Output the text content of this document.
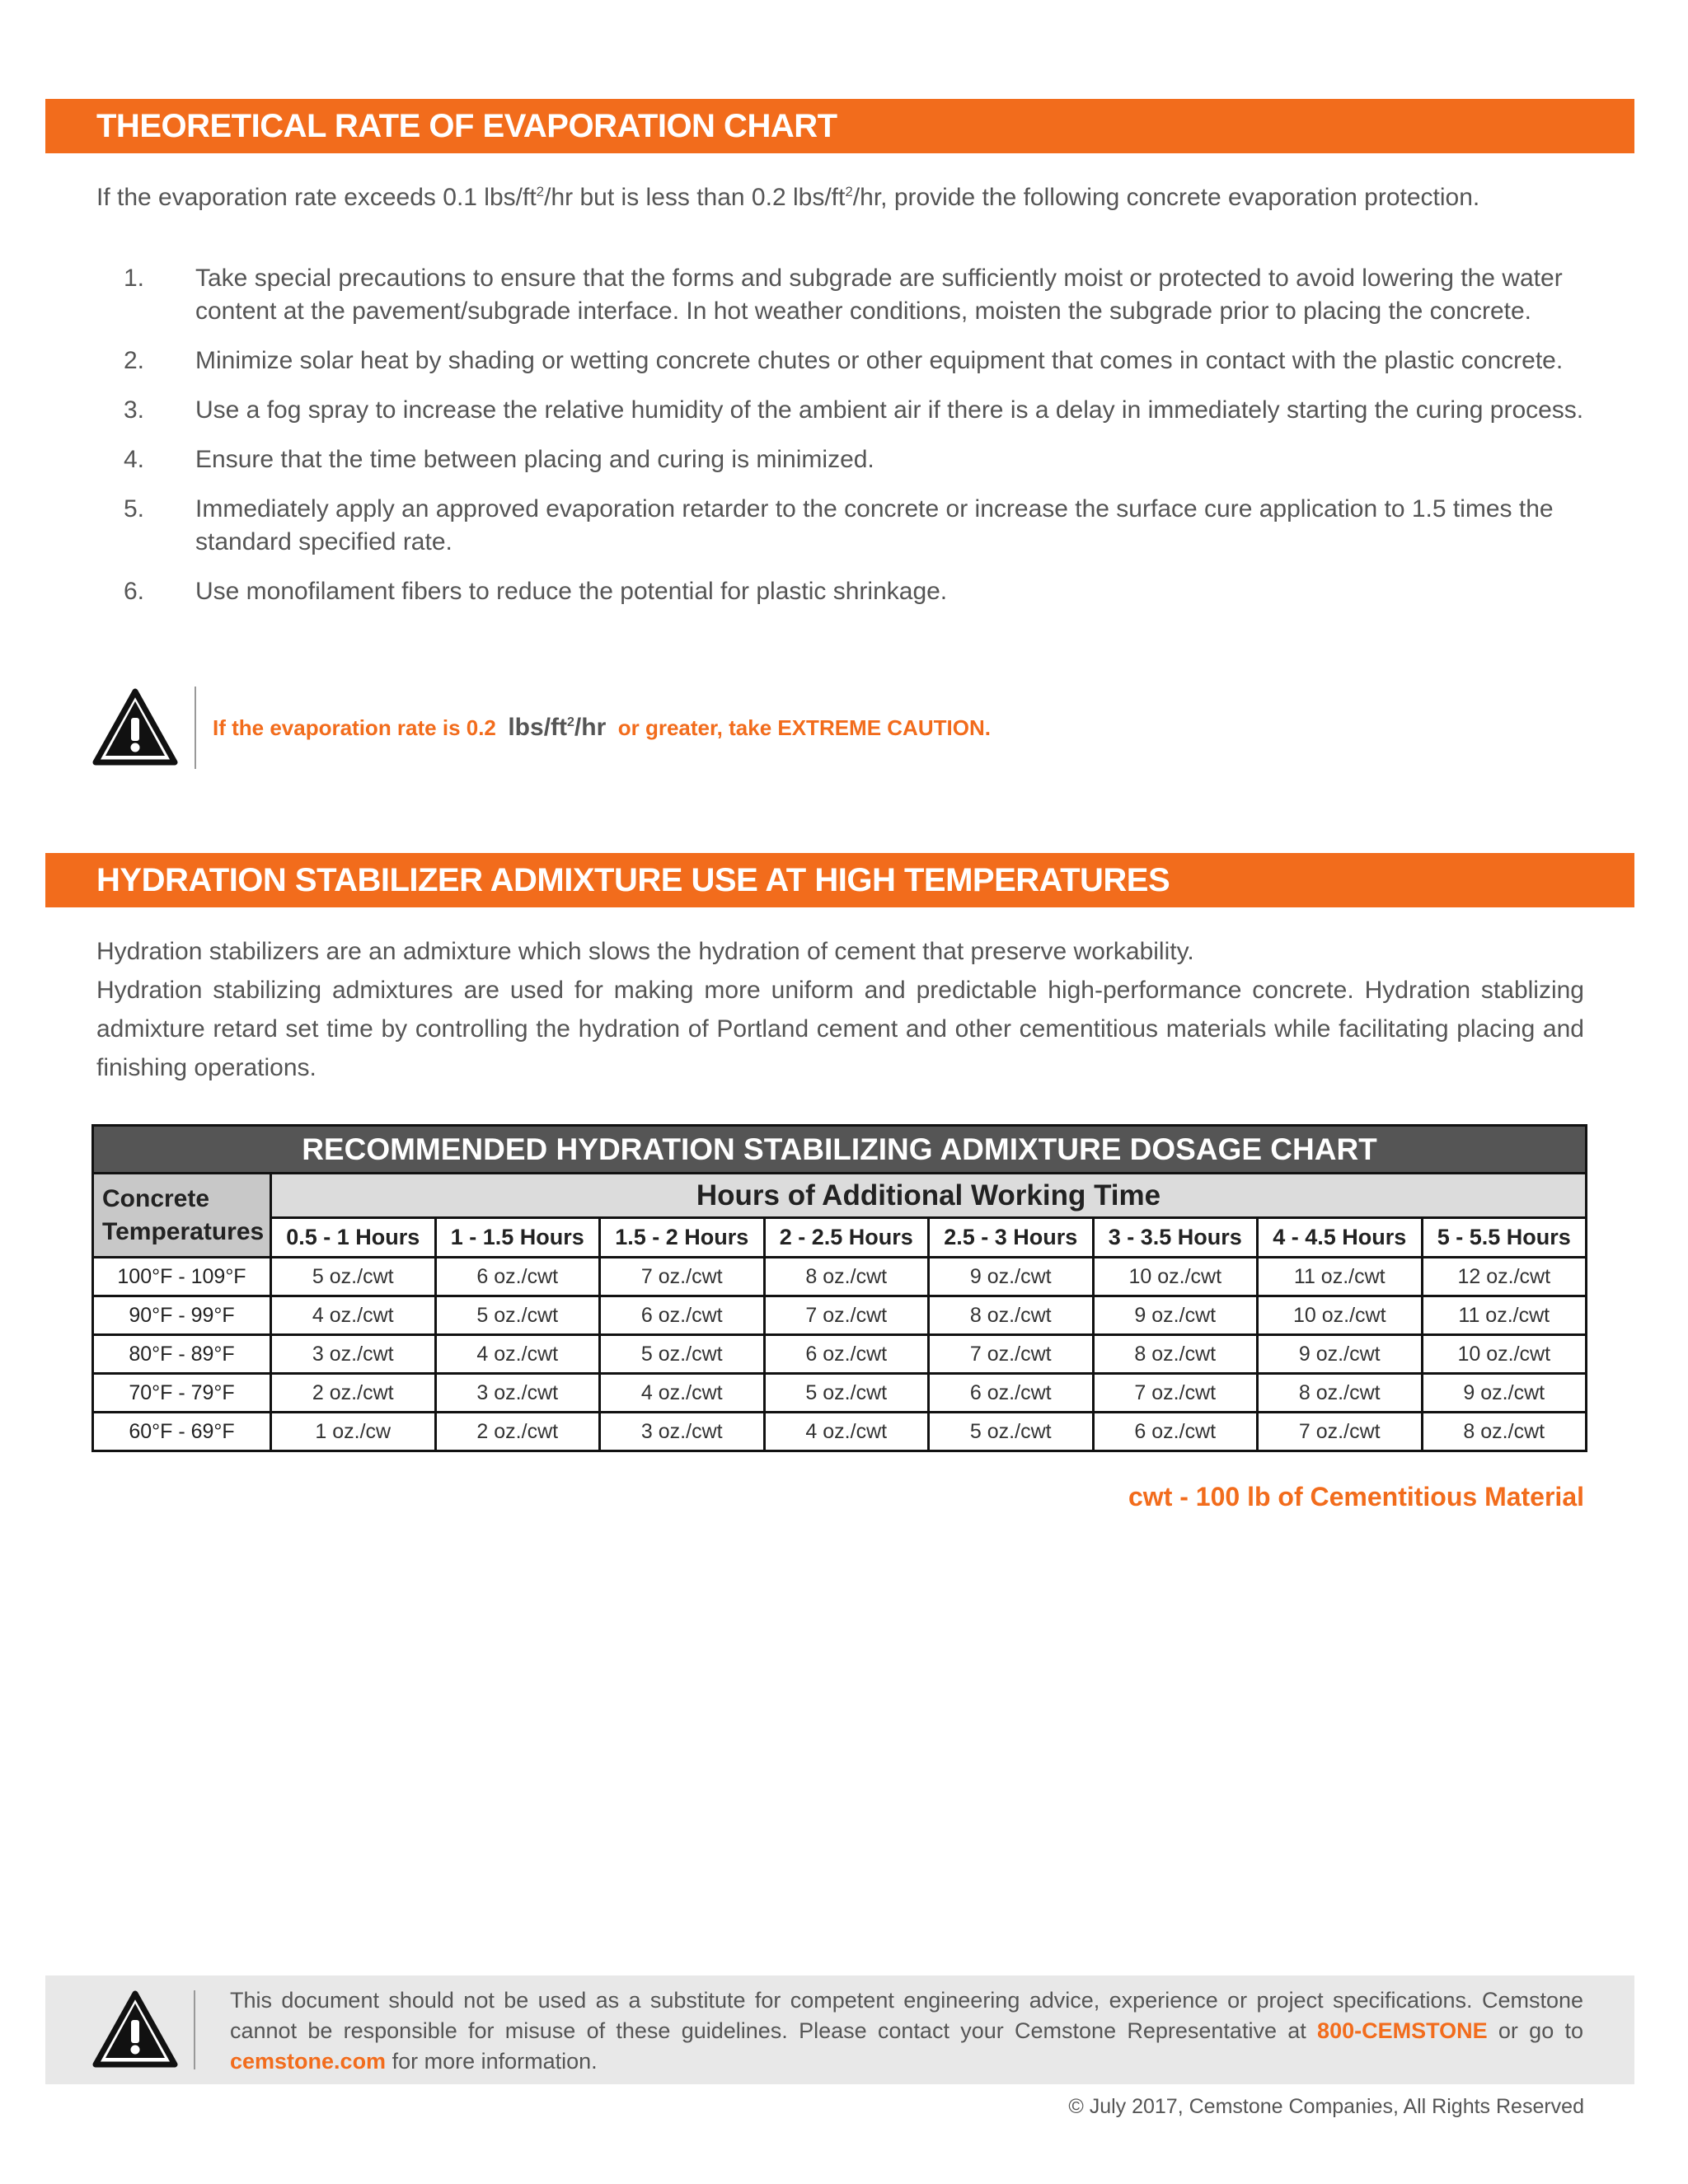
THEORETICAL RATE OF EVAPORATION CHART
If the evaporation rate exceeds 0.1 lbs/$ft^2/hr$ but is less than 0.2 lbs/$ft^2/hr$, provide the following concrete evaporation protection.
1.	Take special precautions to ensure that the forms and subgrade are sufficiently moist or protected to avoid lowering the water content at the pavement/subgrade interface. In hot weather conditions, moisten the subgrade prior to placing the concrete.
2.	Minimize solar heat by shading or wetting concrete chutes or other equipment that comes in contact with the plastic concrete.
3.	Use a fog spray to increase the relative humidity of the ambient air if there is a delay in immediately starting the curing process.
4.	Ensure that the time between placing and curing is minimized.
5.	Immediately apply an approved evaporation retarder to the concrete or increase the surface cure application to 1.5 times the standard specified rate.
6.	Use monofilament fibers to reduce the potential for plastic shrinkage.
If the evaporation rate is 0.2 lbs/$ft^2/hr$ or greater, take EXTREME CAUTION.
HYDRATION STABILIZER ADMIXTURE USE AT HIGH TEMPERATURES

Hydration stabilizers are an admixture which slows the hydration of cement that preserve workability.

Hydration stabilizing admixtures are used for making more uniform and predictable high-performance concrete. Hydration stablizing admixture retard set time by controlling the hydration of Portland cement and other cementitious materials while facilitating placing and finishing operations.

RECOMMENDED HYDRATION STABILIZING ADMIXTURE DOSAGE CHART								
Concrete
Temperatures	Hours of Additional Working Time							
	0.5 - 1 Hours	1 - 1.5 Hours	1.5 - 2 Hours	2 - 2.5 Hours	2.5 - 3 Hours	3 - 3.5 Hours	4 - 4.5 Hours	5 - 5.5 Hours
100°F - 109°F	5 oz./cwt	6 oz./cwt	7 oz./cwt	8 oz./cwt	9 oz./cwt	10 oz./cwt	11 oz./cwt	12 oz./cwt
90°F - 99°F	4 oz./cwt	5 oz./cwt	6 oz./cwt	7 oz./cwt	8 oz./cwt	9 oz./cwt	10 oz./cwt	11 oz./cwt
80°F - 89°F	3 oz./cwt	4 oz./cwt	5 oz./cwt	6 oz./cwt	7 oz./cwt	8 oz./cwt	9 oz./cwt	10 oz./cwt
70°F - 79°F	2 oz./cwt	3 oz./cwt	4 oz./cwt	5 oz./cwt	6 oz./cwt	7 oz./cwt	8 oz./cwt	9 oz./cwt
60°F - 69°F	1 oz./cw	2 oz./cwt	3 oz./cwt	4 oz./cwt	5 oz./cwt	6 oz./cwt	7 oz./cwt	8 oz./cwt
cwt - 100 lb of Cementitious Material
This document should not be used as a substitute for competent engineering advice, experience or project specifications. Cemstone cannot be responsible for misuse of these guidelines. Please contact your Cemstone Representative at 800-CEMSTONE or go to cemstone.com for more information.
© July 2017, Cemstone Companies, All Rights Reserved
